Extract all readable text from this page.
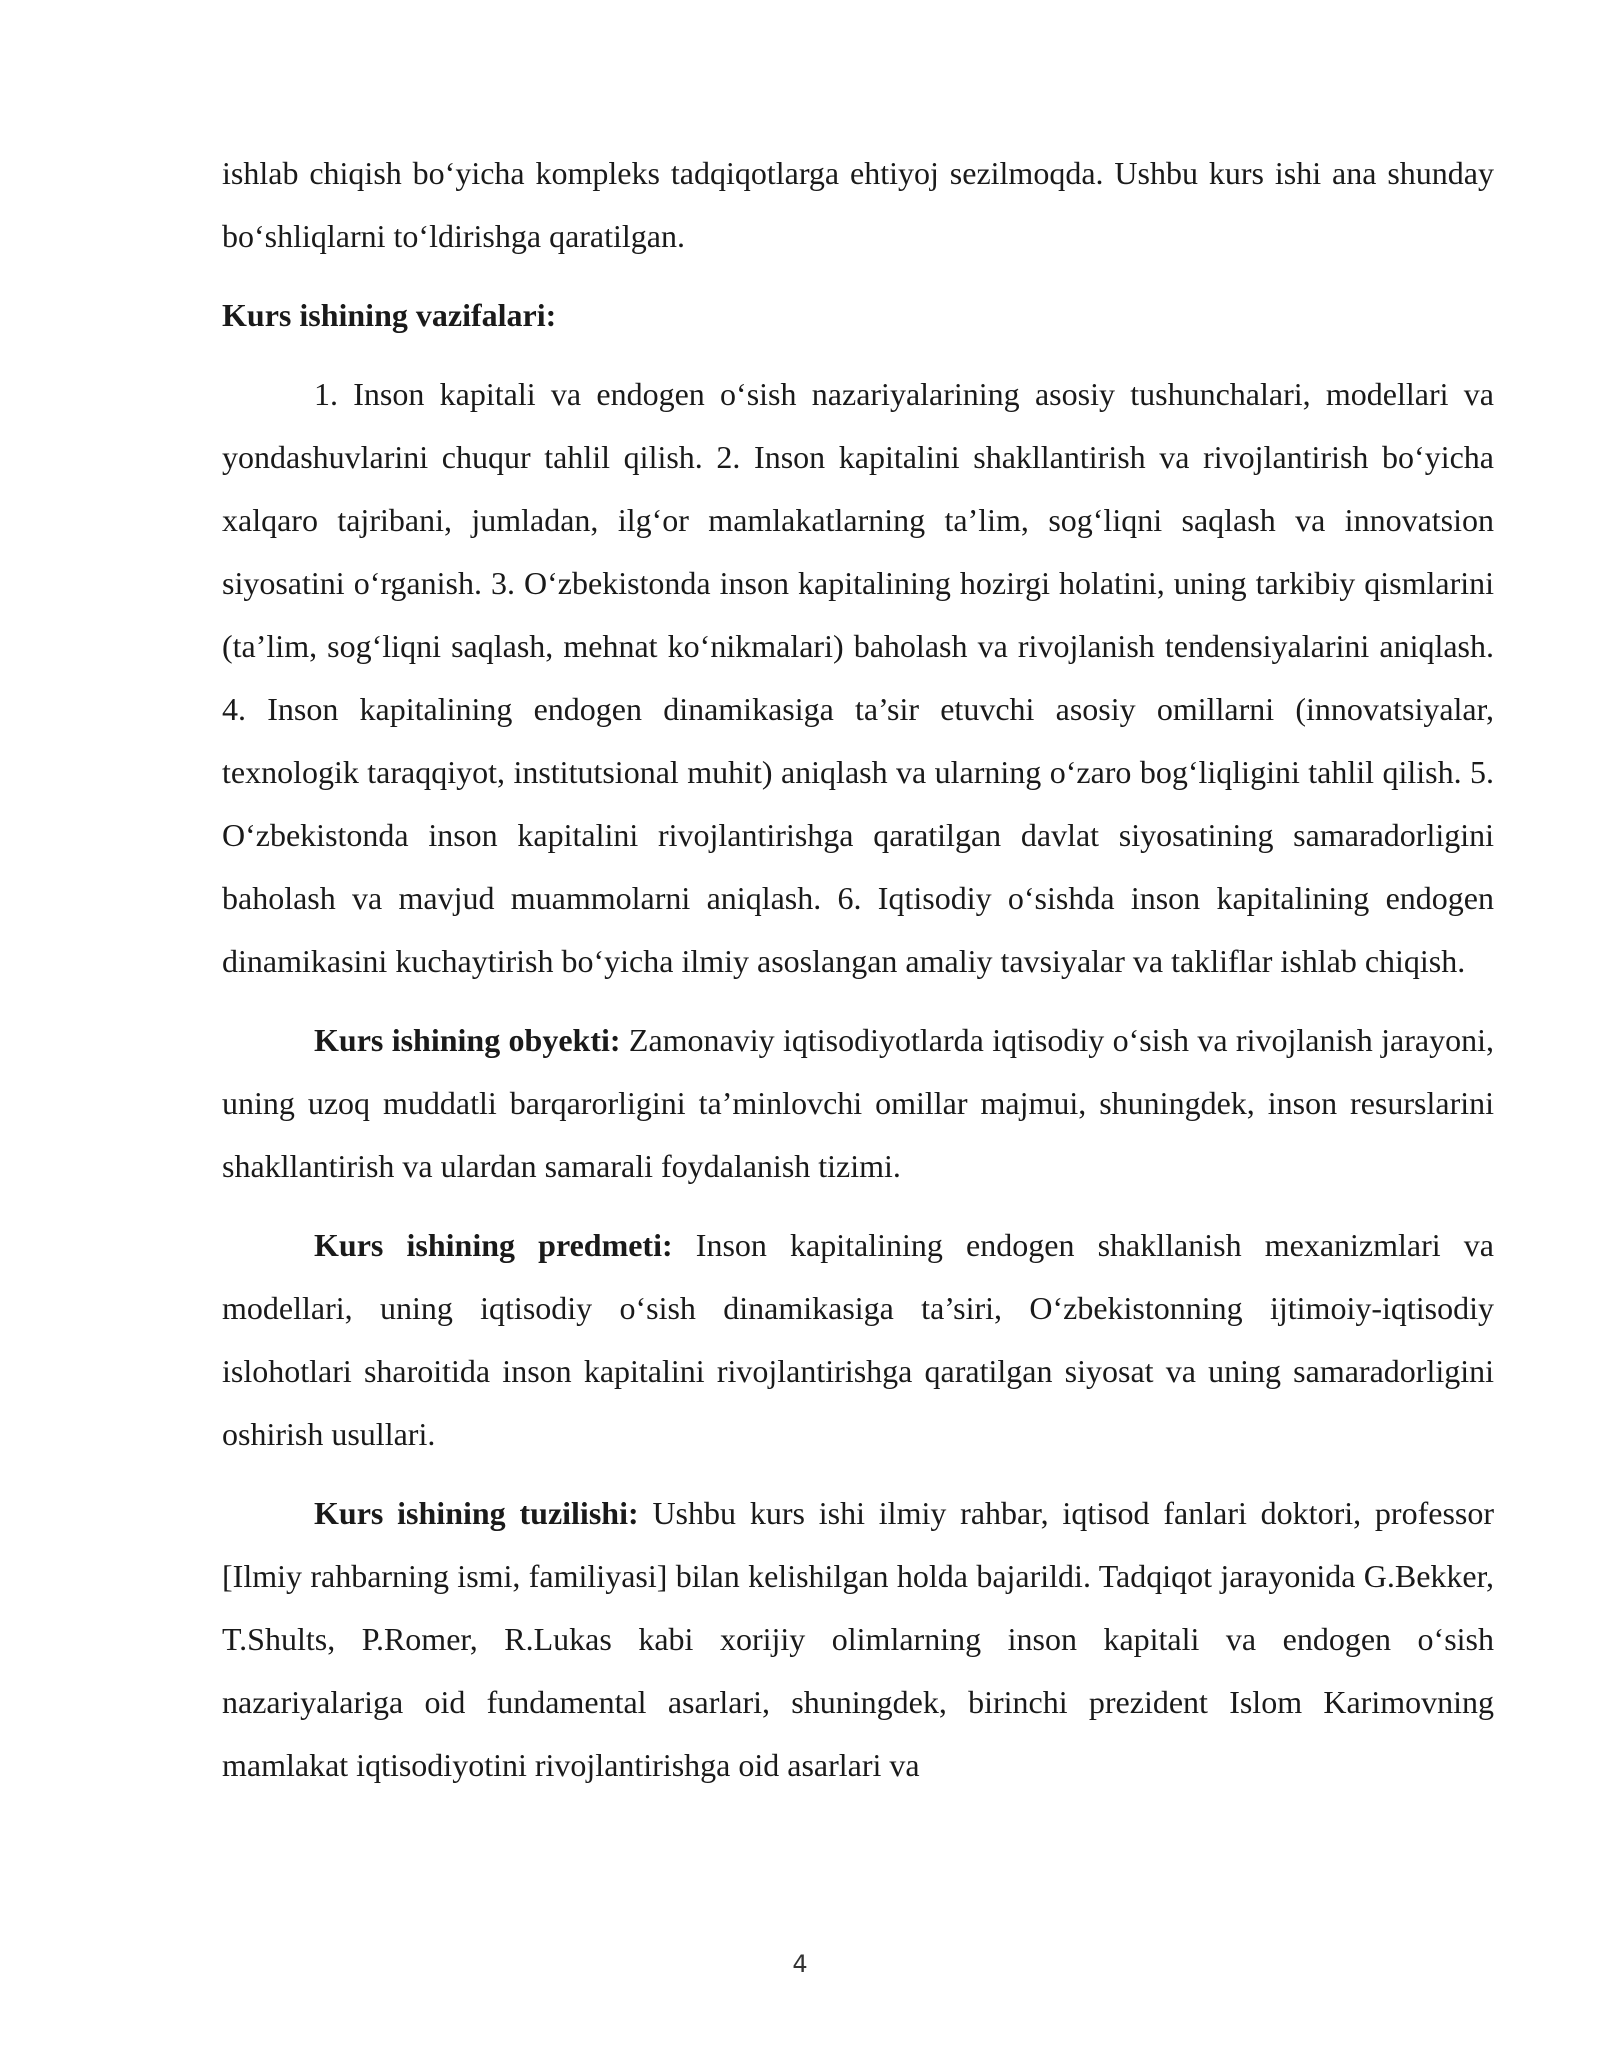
ishlab chiqish bo‘yicha kompleks tadqiqotlarga ehtiyoj sezilmoqda. Ushbu kurs ishi ana shunday bo‘shliqlarni to‘ldirishga qaratilgan.

Kurs ishining vazifalari:

1. Inson kapitali va endogen o‘sish nazariyalarining asosiy tushunchalari, modellari va yondashuvlarini chuqur tahlil qilish. 2. Inson kapitalini shakllantirish va rivojlantirish bo‘yicha xalqaro tajribani, jumladan, ilg‘or mamlakatlarning ta’lim, sog‘liqni saqlash va innovatsion siyosatini o‘rganish. 3. O‘zbekistonda inson kapitalining hozirgi holatini, uning tarkibiy qismlarini (ta’lim, sog‘liqni saqlash, mehnat ko‘nikmalari) baholash va rivojlanish tendensiyalarini aniqlash. 4. Inson kapitalining endogen dinamikasiga ta’sir etuvchi asosiy omillarni (innovatsiyalar, texnologik taraqqiyot, institutsional muhit) aniqlash va ularning o‘zaro bog‘liqligini tahlil qilish. 5. O‘zbekistonda inson kapitalini rivojlantirishga qaratilgan davlat siyosatining samaradorligini baholash va mavjud muammolarni aniqlash. 6. Iqtisodiy o‘sishda inson kapitalining endogen dinamikasini kuchaytirish bo‘yicha ilmiy asoslangan amaliy tavsiyalar va takliflar ishlab chiqish.

Kurs ishining obyekti: Zamonaviy iqtisodiyotlarda iqtisodiy o‘sish va rivojlanish jarayoni, uning uzoq muddatli barqarorligini ta’minlovchi omillar majmui, shuningdek, inson resurslarini shakllantirish va ulardan samarali foydalanish tizimi.

Kurs ishining predmeti: Inson kapitalining endogen shakllanish mexanizmlari va modellari, uning iqtisodiy o‘sish dinamikasiga ta’siri, O‘zbekistonning ijtimoiy-iqtisodiy islohotlari sharoitida inson kapitalini rivojlantirishga qaratilgan siyosat va uning samaradorligini oshirish usullari.

Kurs ishining tuzilishi: Ushbu kurs ishi ilmiy rahbar, iqtisod fanlari doktori, professor [Ilmiy rahbarning ismi, familiyasi] bilan kelishilgan holda bajarildi. Tadqiqot jarayonida G.Bekker, T.Shults, P.Romer, R.Lukas kabi xorijiy olimlarning inson kapitali va endogen o‘sish nazariyalariga oid fundamental asarlari, shuningdek, birinchi prezident Islom Karimovning mamlakat iqtisodiyotini rivojlantirishga oid asarlari va

4
